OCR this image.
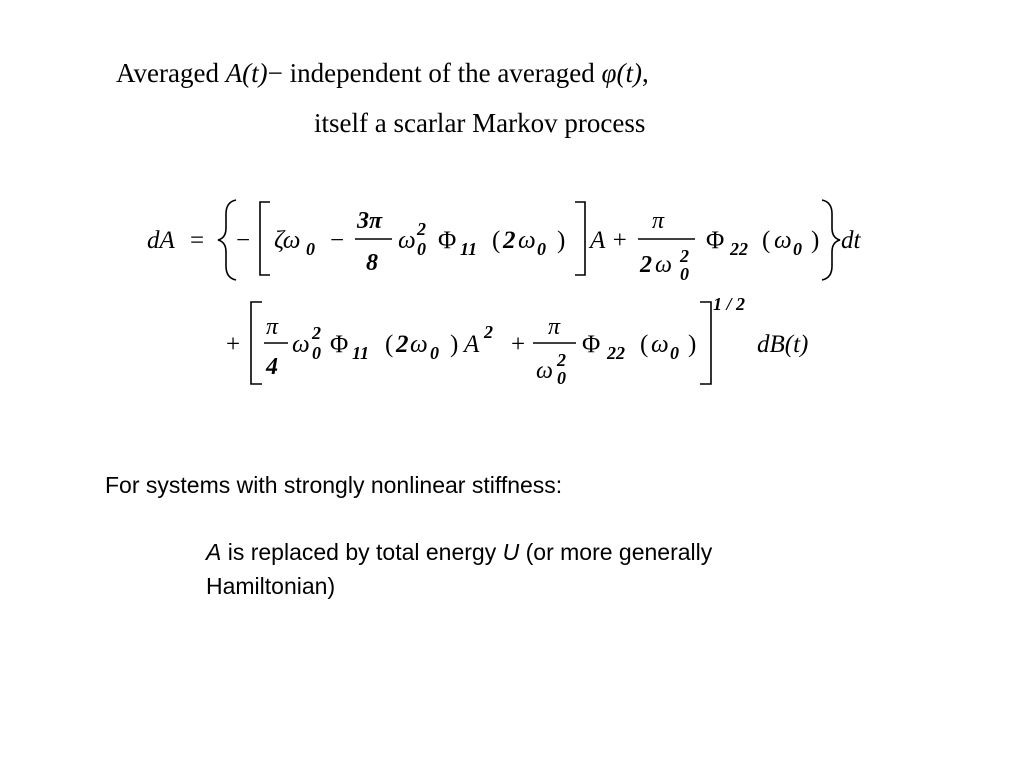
Averaged A(t)− independent of the averaged φ(t),
itself a scarlar Markov process
dA = − ζω 0 −
3π
8
ω 2
0 Φ 11 ( 2 ω 0 ) A +
π
2 ω 2
0
Φ 22 ( ω 0 ) dt
+
π
4
ω 2
0 Φ 11 ( 2 ω 0 ) A 2 +
π
ω 2
0
Φ 22 ( ω 0 )
1 / 2
dB(t)
For systems with strongly nonlinear stiffness:
A is replaced by total energy U (or more generally
Hamiltonian)
